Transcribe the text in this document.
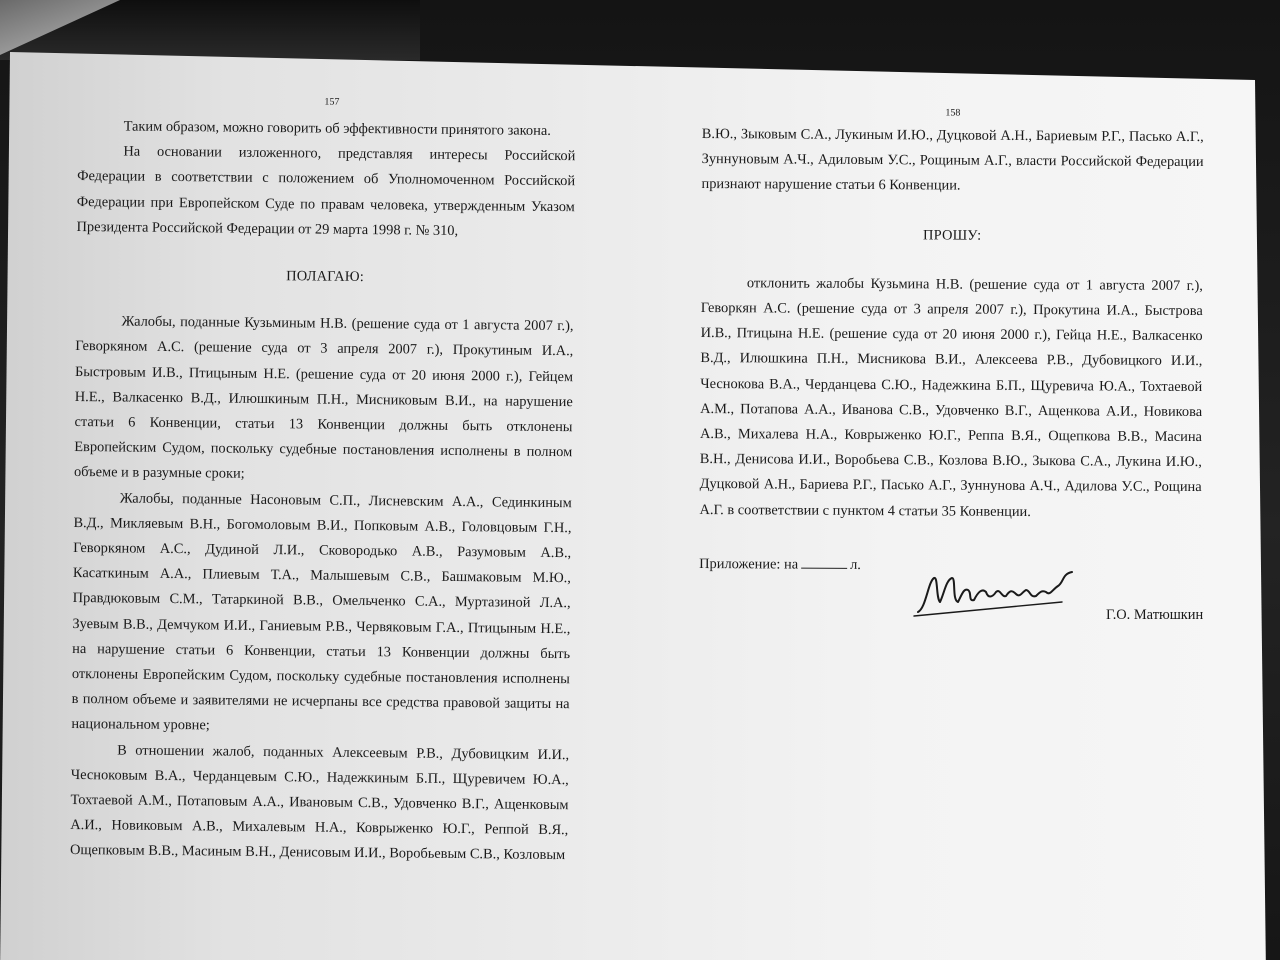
157

Таким образом, можно говорить об эффективности принятого закона.

На основании изложенного, представляя интересы Российской Федерации в соответствии с положением об Уполномоченном Российской Федерации при Европейском Суде по правам человека, утвержденным Указом Президента Российской Федерации от 29 марта 1998 г. № 310,

ПОЛАГАЮ:

Жалобы, поданные Кузьминым Н.В. (решение суда от 1 августа 2007 г.), Геворкяном А.С. (решение суда от 3 апреля 2007 г.), Прокутиным И.А., Быстровым И.В., Птицыным Н.Е. (решение суда от 20 июня 2000 г.), Гейцем Н.Е., Валкасенко В.Д., Илюшкиным П.Н., Мисниковым В.И., на нарушение статьи 6 Конвенции, статьи 13 Конвенции должны быть отклонены Европейским Судом, поскольку судебные постановления исполнены в полном объеме и в разумные сроки;

Жалобы, поданные Насоновым С.П., Лисневским А.А., Сединкиным В.Д., Микляевым В.Н., Богомоловым В.И., Попковым А.В., Головцовым Г.Н., Геворкяном А.С., Дудиной Л.И., Сковородько А.В., Разумовым А.В., Касаткиным А.А., Плиевым Т.А., Малышевым С.В., Башмаковым М.Ю., Правдюковым С.М., Татаркиной В.В., Омельченко С.А., Муртазиной Л.А., Зуевым В.В., Демчуком И.И., Ганиевым Р.В., Червяковым Г.А., Птицыным Н.Е., на нарушение статьи 6 Конвенции, статьи 13 Конвенции должны быть отклонены Европейским Судом, поскольку судебные постановления исполнены в полном объеме и заявителями не исчерпаны все средства правовой защиты на национальном уровне;

В отношении жалоб, поданных Алексеевым Р.В., Дубовицким И.И., Чесноковым В.А., Черданцевым С.Ю., Надежкиным Б.П., Щуревичем Ю.А., Тохтаевой А.М., Потаповым А.А., Ивановым С.В., Удовченко В.Г., Ащенковым А.И., Новиковым А.В., Михалевым Н.А., Коврыженко Ю.Г., Реппой В.Я., Ощепковым В.В., Масиным В.Н., Денисовым И.И., Воробьевым С.В., Козловым

158

В.Ю., Зыковым С.А., Лукиным И.Ю., Дуцковой А.Н., Бариевым Р.Г., Пасько А.Г., Зуннуновым А.Ч., Адиловым У.С., Рощиным А.Г., власти Российской Федерации признают нарушение статьи 6 Конвенции.

ПРОШУ:

отклонить жалобы Кузьмина Н.В. (решение суда от 1 августа 2007 г.), Геворкян А.С. (решение суда от 3 апреля 2007 г.), Прокутина И.А., Быстрова И.В., Птицына Н.Е. (решение суда от 20 июня 2000 г.), Гейца Н.Е., Валкасенко В.Д., Илюшкина П.Н., Мисникова В.И., Алексеева Р.В., Дубовицкого И.И., Чеснокова В.А., Черданцева С.Ю., Надежкина Б.П., Щуревича Ю.А., Тохтаевой А.М., Потапова А.А., Иванова С.В., Удовченко В.Г., Ащенкова А.И., Новикова А.В., Михалева Н.А., Коврыженко Ю.Г., Реппа В.Я., Ощепкова В.В., Масина В.Н., Денисова И.И., Воробьева С.В., Козлова В.Ю., Зыкова С.А., Лукина И.Ю., Дуцковой А.Н., Бариева Р.Г., Пасько А.Г., Зуннунова А.Ч., Адилова У.С., Рощина А.Г. в соответствии с пунктом 4 статьи 35 Конвенции.

Приложение: на	л.
Г.О. Матюшкин
